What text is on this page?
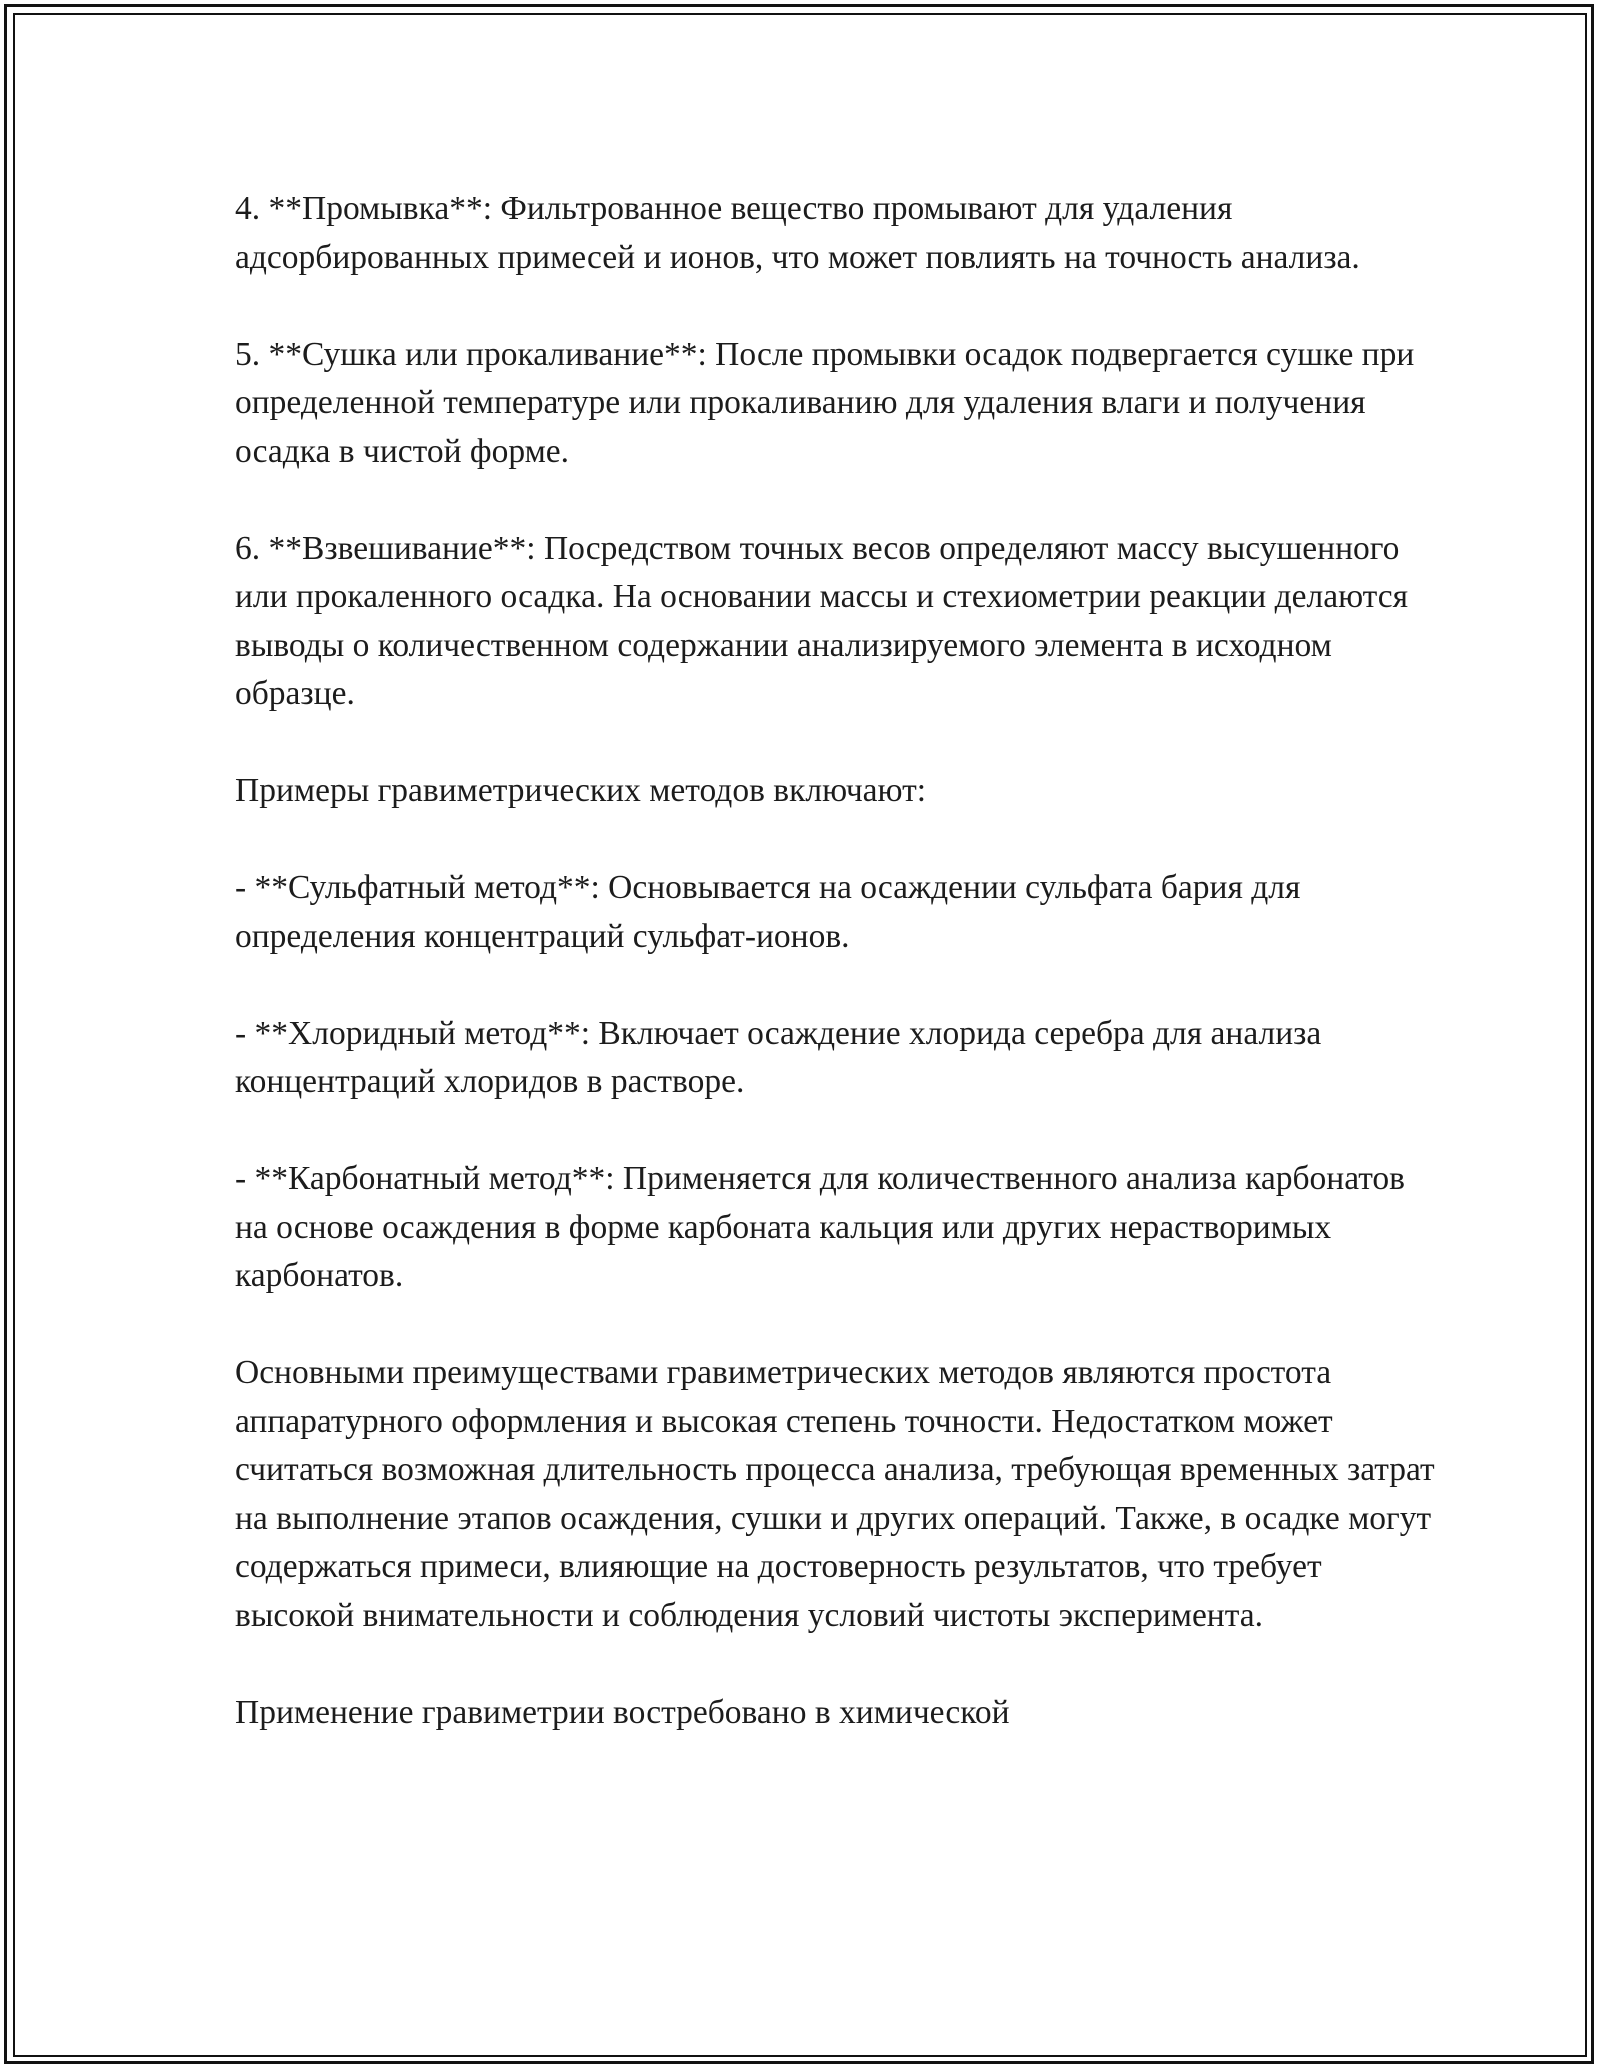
4. **Промывка**: Фильтрованное вещество промывают для удаления адсорбированных примесей и ионов, что может повлиять на точность анализа.

5. **Сушка или прокаливание**: После промывки осадок подвергается сушке при определенной температуре или прокаливанию для удаления влаги и получения осадка в чистой форме.

6. **Взвешивание**: Посредством точных весов определяют массу высушенного или прокаленного осадка. На основании массы и стехиометрии реакции делаются выводы о количественном содержании анализируемого элемента в исходном образце.

Примеры гравиметрических методов включают:

- **Сульфатный метод**: Основывается на осаждении сульфата бария для определения концентраций сульфат-ионов.

- **Хлоридный метод**: Включает осаждение хлорида серебра для анализа концентраций хлоридов в растворе.

- **Карбонатный метод**: Применяется для количественного анализа карбонатов на основе осаждения в форме карбоната кальция или других нерастворимых карбонатов.

Основными преимуществами гравиметрических методов являются простота аппаратурного оформления и высокая степень точности. Недостатком может считаться возможная длительность процесса анализа, требующая временных затрат на выполнение этапов осаждения, сушки и других операций. Также, в осадке могут содержаться примеси, влияющие на достоверность результатов, что требует высокой внимательности и соблюдения условий чистоты эксперимента.

Применение гравиметрии востребовано в химической
